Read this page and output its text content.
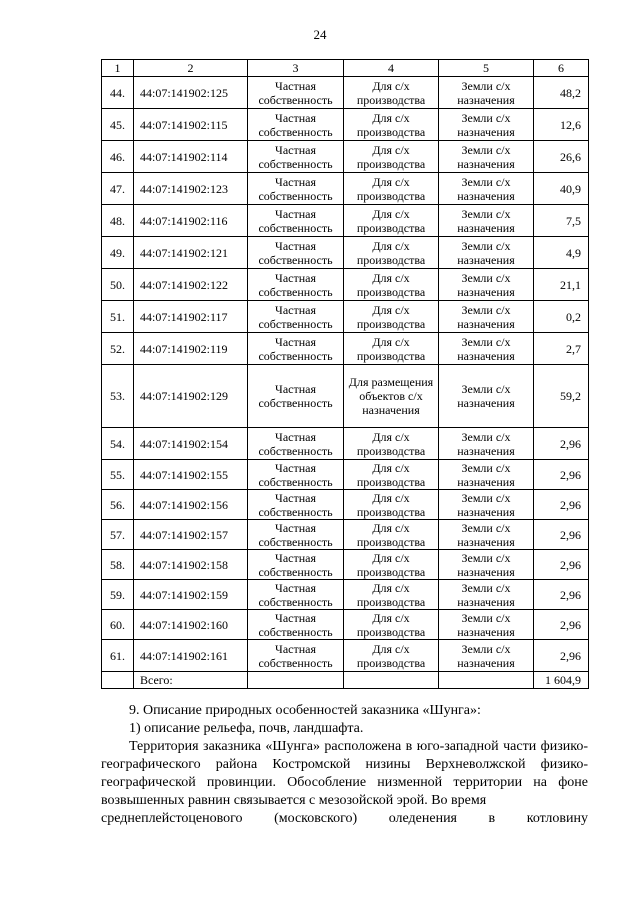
24
1	2	3	4	5	6
44.	44:07:141902:125	Частная собственность	Для с/х производства	Земли с/х назначения	48,2
45.	44:07:141902:115	Частная собственность	Для с/х производства	Земли с/х назначения	12,6
46.	44:07:141902:114	Частная собственность	Для с/х производства	Земли с/х назначения	26,6
47.	44:07:141902:123	Частная собственность	Для с/х производства	Земли с/х назначения	40,9
48.	44:07:141902:116	Частная собственность	Для с/х производства	Земли с/х назначения	7,5
49.	44:07:141902:121	Частная собственность	Для с/х производства	Земли с/х назначения	4,9
50.	44:07:141902:122	Частная собственность	Для с/х производства	Земли с/х назначения	21,1
51.	44:07:141902:117	Частная собственность	Для с/х производства	Земли с/х назначения	0,2
52.	44:07:141902:119	Частная собственность	Для с/х производства	Земли с/х назначения	2,7
53.	44:07:141902:129	Частная собственность	Для размещения объектов с/х назначения	Земли с/х назначения	59,2
54.	44:07:141902:154	Частная собственность	Для с/х производства	Земли с/х назначения	2,96
55.	44:07:141902:155	Частная собственность	Для с/х производства	Земли с/х назначения	2,96
56.	44:07:141902:156	Частная собственность	Для с/х производства	Земли с/х назначения	2,96
57.	44:07:141902:157	Частная собственность	Для с/х производства	Земли с/х назначения	2,96
58.	44:07:141902:158	Частная собственность	Для с/х производства	Земли с/х назначения	2,96
59.	44:07:141902:159	Частная собственность	Для с/х производства	Земли с/х назначения	2,96
60.	44:07:141902:160	Частная собственность	Для с/х производства	Земли с/х назначения	2,96
61.	44:07:141902:161	Частная собственность	Для с/х производства	Земли с/х назначения	2,96
	Всего:				1 604,9

9. Описание природных особенностей заказника «Шунга»:

1) описание рельефа, почв, ландшафта.

Территория заказника «Шунга» расположена в юго-западной части физико-географического района Костромской низины Верхневолжской физико-географической провинции. Обособление низменной территории на фоне возвышенных равнин связывается с мезозойской эрой. Во время

среднеплейстоценового (московского) оледенения в котловину
